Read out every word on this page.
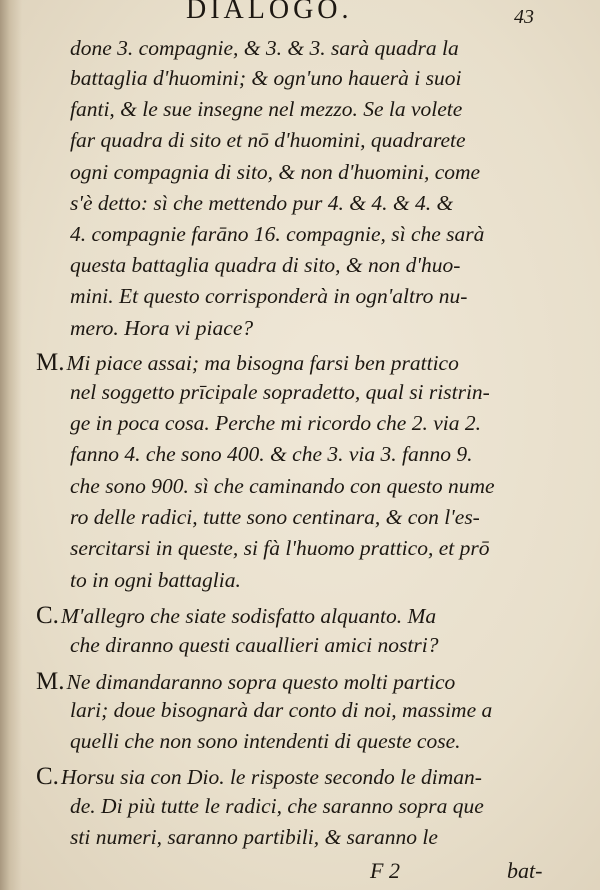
DIALOGO.	43

done 3. compagnie, & 3. & 3. sarà quadra la

battaglia d'huomini; & ogn'uno hauerà i suoi

fanti, & le sue insegne nel mezzo. Se la volete

far quadra di sito et nō d'huomini, quadrarete

ogni compagnia di sito, & non d'huomini, come

s'è detto: sì che mettendo pur 4. & 4. & 4. &

4. compagnie farāno 16. compagnie, sì che sarà

questa battaglia quadra di sito, & non d'huo-

mini. Et questo corrisponderà in ogn'altro nu-

mero. Hora vi piace?

M.Mi piace assai; ma bisogna farsi ben prattico

nel soggetto prīcipale sopradetto, qual si ristrin-

ge in poca cosa. Perche mi ricordo che 2. via 2.

fanno 4. che sono 400. & che 3. via 3. fanno 9.

che sono 900. sì che caminando con questo nume

ro delle radici, tutte sono centinara, & con l'es-

sercitarsi in queste, si fà l'huomo prattico, et prō

to in ogni battaglia.

C.M'allegro che siate sodisfatto alquanto. Ma

che diranno questi cauallieri amici nostri?

M.Ne dimandaranno sopra questo molti partico

lari; doue bisognarà dar conto di noi, massime a

quelli che non sono intendenti di queste cose.

C.Horsu sia con Dio. le risposte secondo le diman-

de. Di più tutte le radici, che saranno sopra que

sti numeri, saranno partibili, & saranno le

F 2	bat-
